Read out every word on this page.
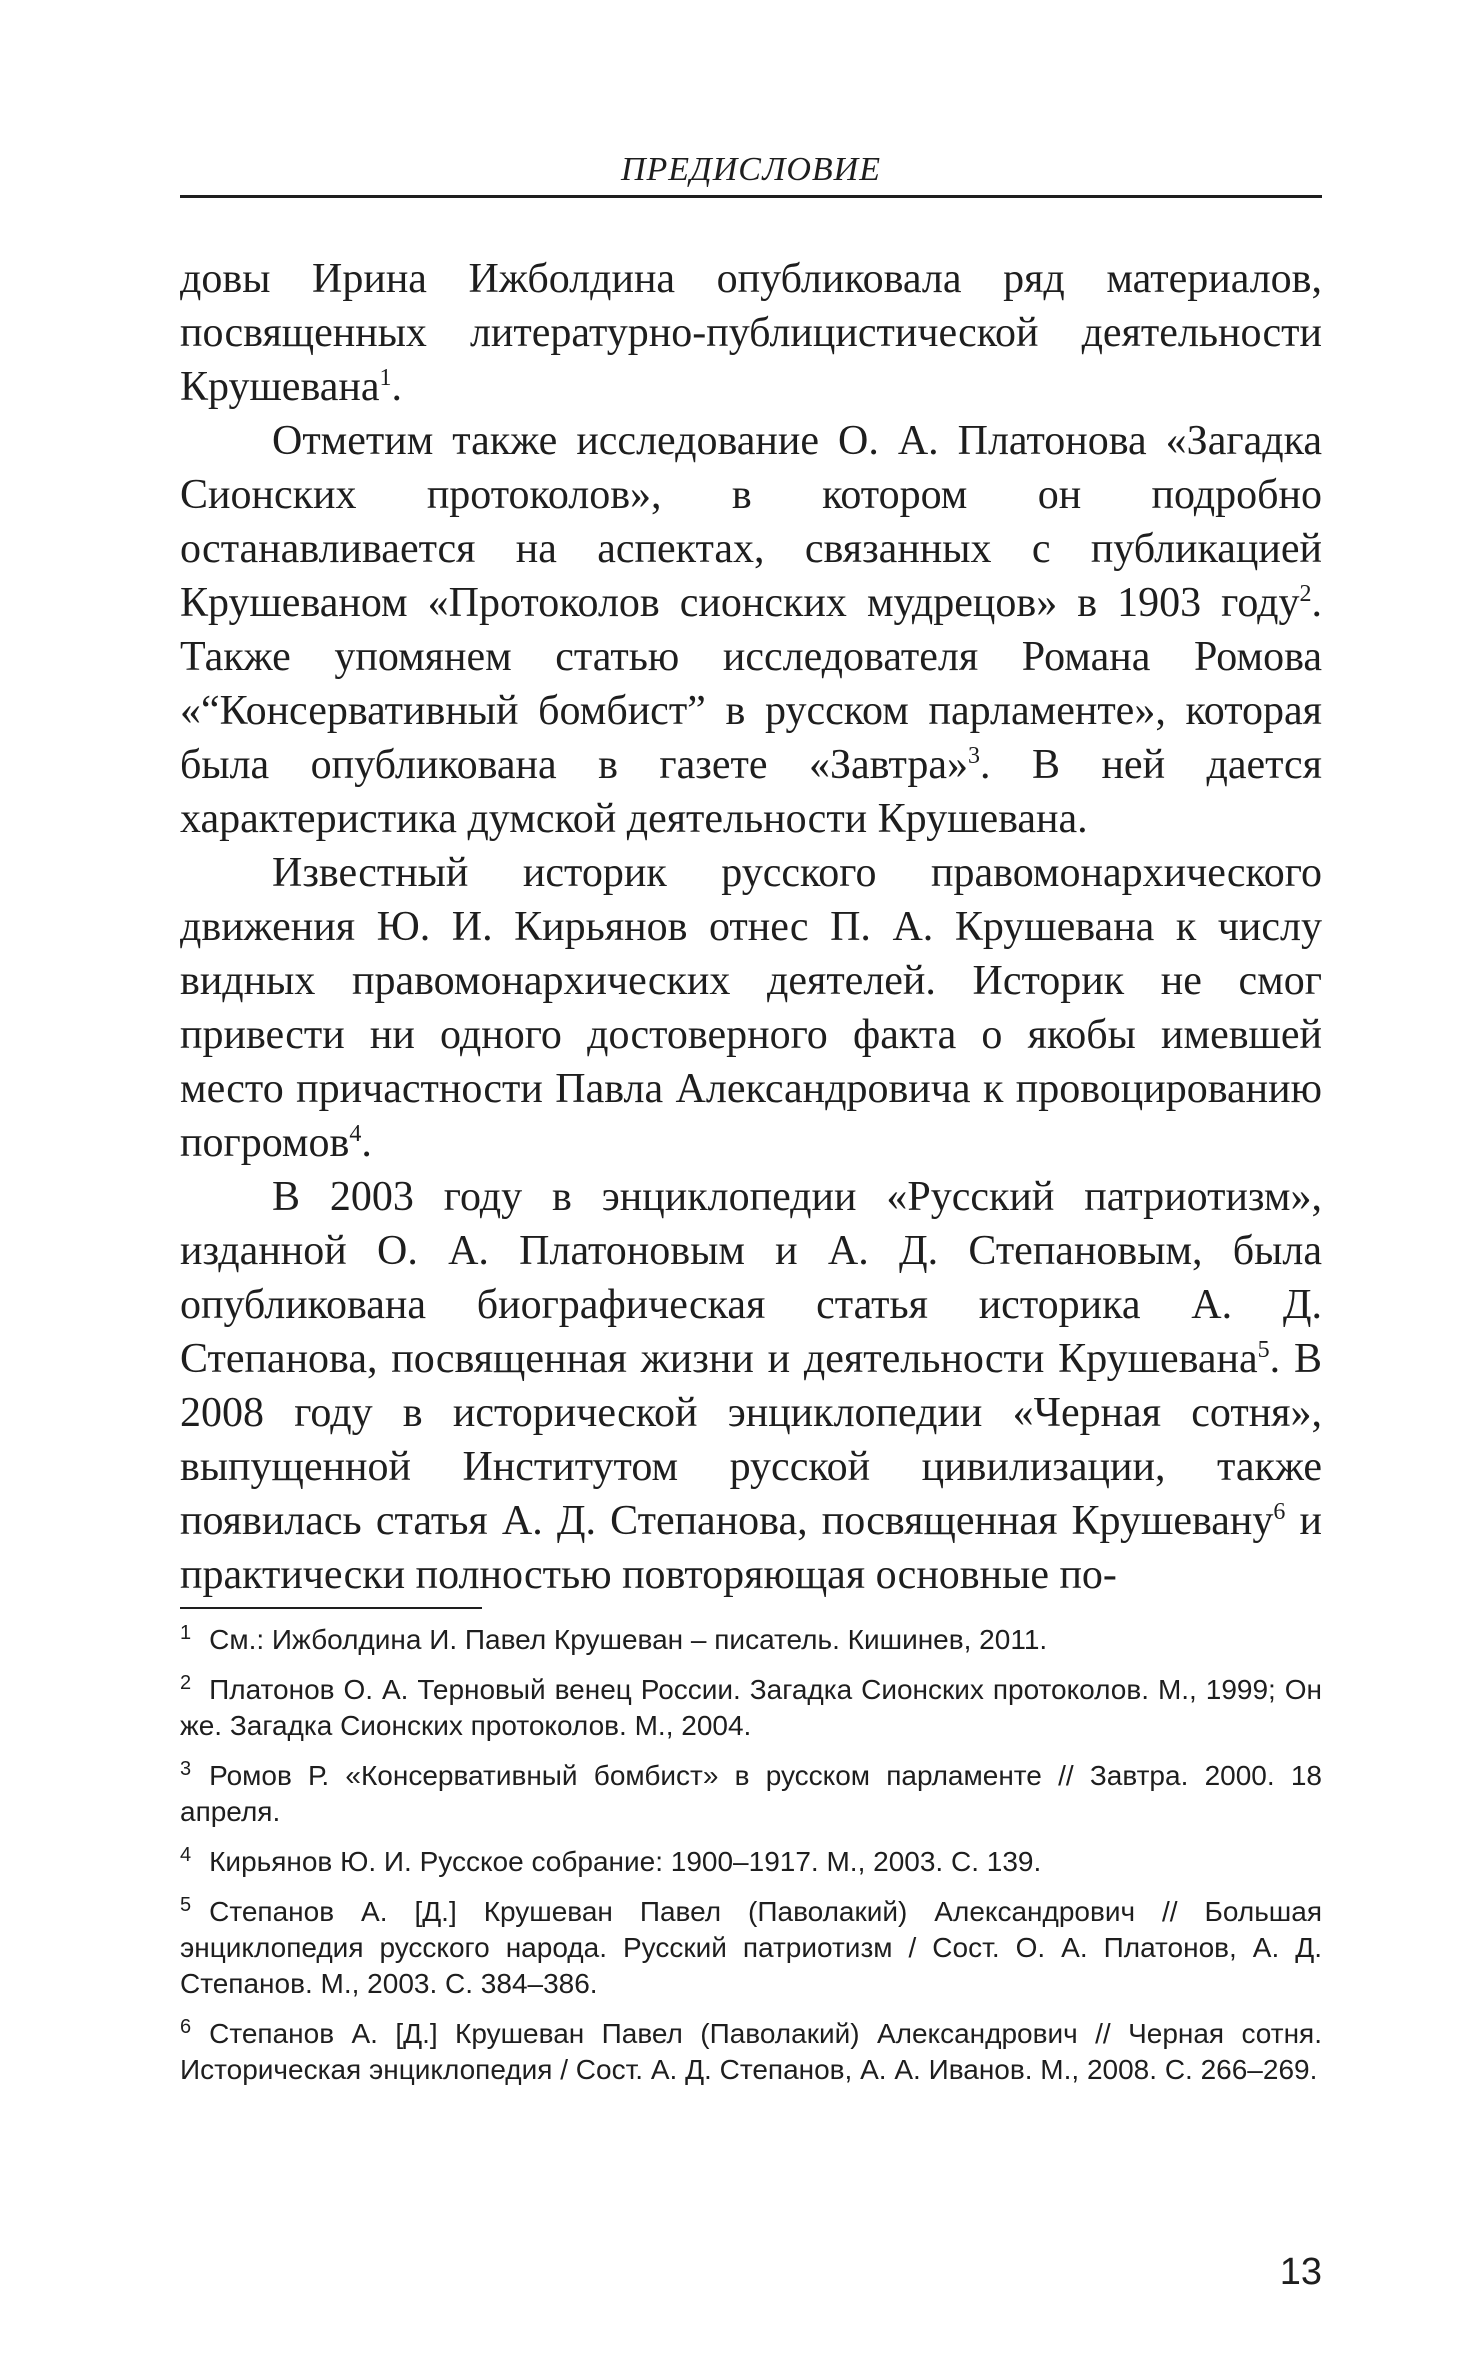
ПРЕДИСЛОВИЕ

довы Ирина Ижболдина опубликовала ряд материалов, посвященных литературно-публицистической деятельности Крушевана$^1$.

Отметим также исследование О. А. Платонова «Загадка Сионских протоколов», в котором он подробно останавливается на аспектах, связанных с публикацией Крушеваном «Протоколов сионских мудрецов» в 1903 году$^2$. Также упомянем статью исследователя Романа Ромова «“Консервативный бомбист” в русском парламенте», которая была опубликована в газете «Завтра»$^3$. В ней дается характеристика думской деятельности Крушевана.

Известный историк русского правомонархического движения Ю. И. Кирьянов отнес П. А. Крушевана к числу видных правомонархических деятелей. Историк не смог привести ни одного достоверного факта о якобы имевшей место причастности Павла Александровича к провоцированию погромов$^4$.

В 2003 году в энциклопедии «Русский патриотизм», изданной О. А. Платоновым и А. Д. Степановым, была опубликована биографическая статья историка А. Д. Степанова, посвященная жизни и деятельности Крушевана$^5$. В 2008 году в исторической энциклопедии «Черная сотня», выпущенной Институтом русской цивилизации, также появилась статья А. Д. Степанова, посвященная Крушевану$^6$ и практически полностью повторяющая основные по-

1 См.: Ижболдина И. Павел Крушеван – писатель. Кишинев, 2011.

2 Платонов О. А. Терновый венец России. Загадка Сионских протоколов. М., 1999; Он же. Загадка Сионских протоколов. М., 2004.

3 Ромов Р. «Консервативный бомбист» в русском парламенте // Завтра. 2000. 18 апреля.

4 Кирьянов Ю. И. Русское собрание: 1900–1917. М., 2003. С. 139.

5 Степанов А. [Д.] Крушеван Павел (Паволакий) Александрович // Большая энциклопедия русского народа. Русский патриотизм / Сост. О. А. Платонов, А. Д. Степанов. М., 2003. С. 384–386.

6 Степанов А. [Д.] Крушеван Павел (Паволакий) Александрович // Черная сотня. Историческая энциклопедия / Сост. А. Д. Степанов, А. А. Иванов. М., 2008. С. 266–269.

13
